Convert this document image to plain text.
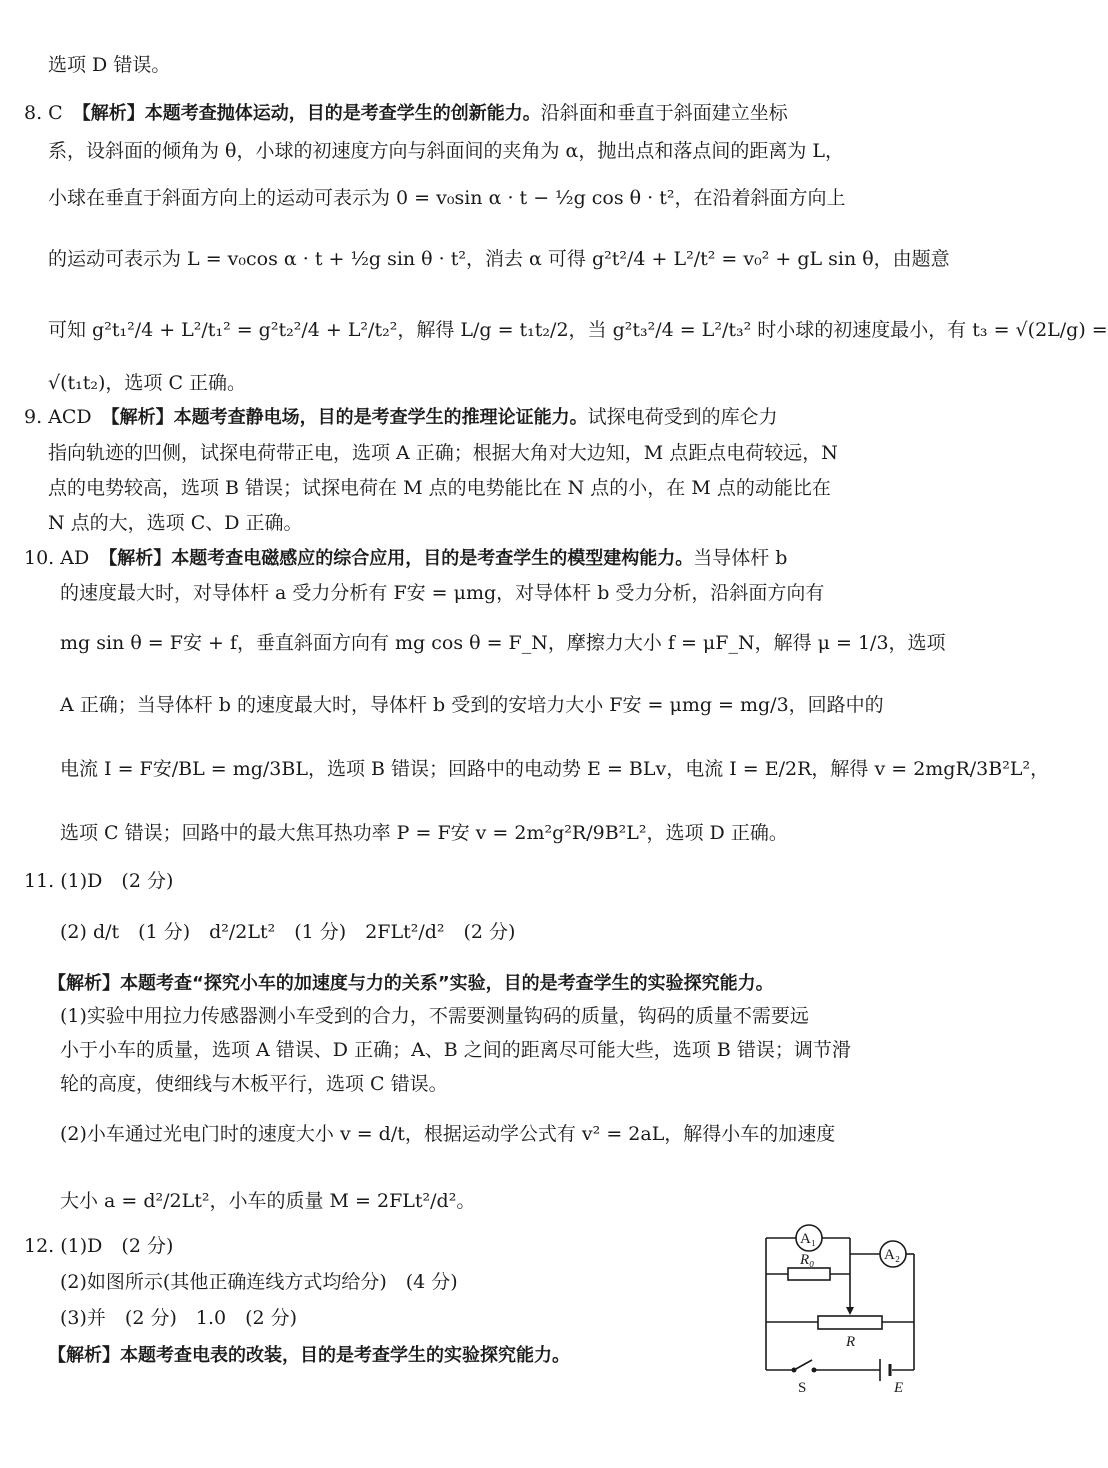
选项 D 错误。
8. C　【解析】本题考查抛体运动，目的是考查学生的创新能力。沿斜面和垂直于斜面建立坐标
系，设斜面的倾角为 θ，小球的初速度方向与斜面间的夹角为 α，抛出点和落点间的距离为 L，
小球在垂直于斜面方向上的运动可表示为 0 = v₀sin α · t − ½g cos θ · t²，在沿着斜面方向上
的运动可表示为 L = v₀cos α · t + ½g sin θ · t²，消去 α 可得 g²t²/4 + L²/t² = v₀² + gL sin θ，由题意
可知 g²t₁²/4 + L²/t₁² = g²t₂²/4 + L²/t₂²，解得 L/g = t₁t₂/2，当 g²t₃²/4 = L²/t₃² 时小球的初速度最小，有 t₃ = √(2L/g) =
√(t₁t₂)，选项 C 正确。
9. ACD　【解析】本题考查静电场，目的是考查学生的推理论证能力。试探电荷受到的库仑力
指向轨迹的凹侧，试探电荷带正电，选项 A 正确；根据大角对大边知，M 点距点电荷较远，N
点的电势较高，选项 B 错误；试探电荷在 M 点的电势能比在 N 点的小，在 M 点的动能比在
N 点的大，选项 C、D 正确。
10. AD　【解析】本题考查电磁感应的综合应用，目的是考查学生的模型建构能力。当导体杆 b
的速度最大时，对导体杆 a 受力分析有 F安 = μmg，对导体杆 b 受力分析，沿斜面方向有
mg sin θ = F安 + f，垂直斜面方向有 mg cos θ = F_N，摩擦力大小 f = μF_N，解得 μ = 1/3，选项
A 正确；当导体杆 b 的速度最大时，导体杆 b 受到的安培力大小 F安 = μmg = mg/3，回路中的
电流 I = F安/BL = mg/3BL，选项 B 错误；回路中的电动势 E = BLv，电流 I = E/2R，解得 v = 2mgR/3B²L²，
选项 C 错误；回路中的最大焦耳热功率 P = F安 v = 2m²g²R/9B²L²，选项 D 正确。
11. (1)D　(2 分)
(2) d/t　(1 分)　d²/2Lt²　(1 分)　2FLt²/d²　(2 分)
【解析】本题考查“探究小车的加速度与力的关系”实验，目的是考查学生的实验探究能力。
(1)实验中用拉力传感器测小车受到的合力，不需要测量钩码的质量，钩码的质量不需要远
小于小车的质量，选项 A 错误、D 正确；A、B 之间的距离尽可能大些，选项 B 错误；调节滑
轮的高度，使细线与木板平行，选项 C 错误。
(2)小车通过光电门时的速度大小 v = d/t，根据运动学公式有 v² = 2aL，解得小车的加速度
大小 a = d²/2Lt²，小车的质量 M = 2FLt²/d²。
12. (1)D　(2 分)
(2)如图所示(其他正确连线方式均给分)　(4 分)
(3)并　(2 分)　1.0　(2 分)
【解析】本题考查电表的改装，目的是考查学生的实验探究能力。
A₁
A₂
R₀
R
S	E
